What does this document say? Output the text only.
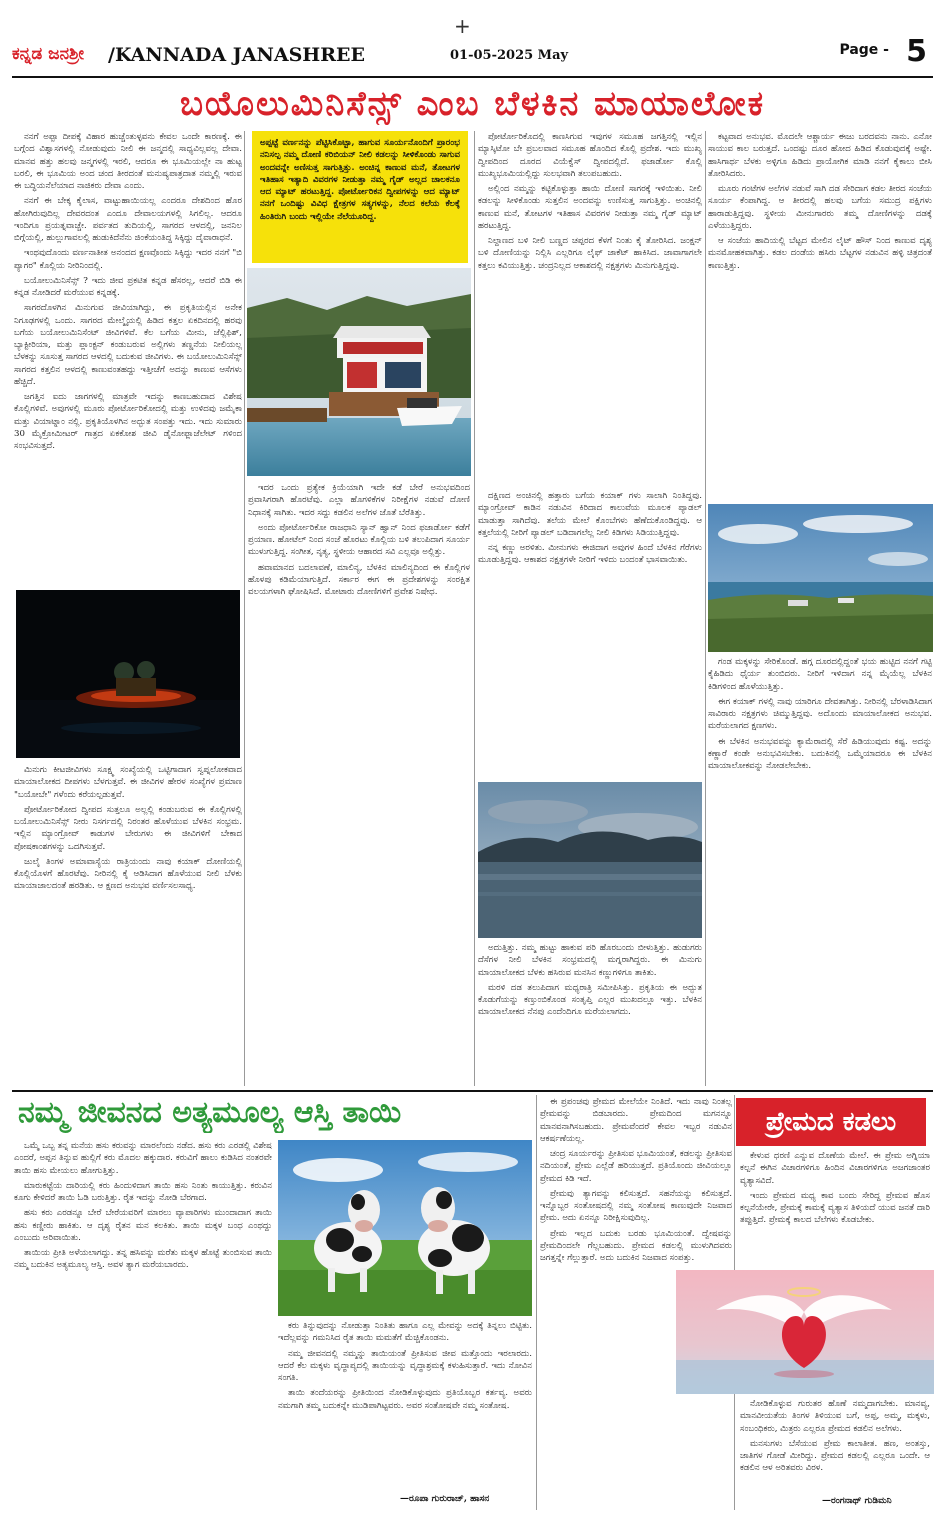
+
ಕನ್ನಡ ಜನಶ್ರೀ /KANNADA JANASHREE	01-05-2025 May	Page - 5
ಬಯೊಲುಮಿನಿಸೆನ್ಸ್ ಎಂಬ ಬೆಳಕಿನ ಮಾಯಾಲೋಕ

ನನಗೆ ಅಪ್ಪಾ ದೀಪಕ್ಕೆ ವಿಹಾರ ಹುಚ್ಚೆಂತುಳ್ಳವನು ಕೇವಲ ಒಂದೇ ಕಾರಣಕ್ಕೆ. ಈ ಬಗ್ಗೆಂದ ವಿಶ್ವಾಸಗಳಲ್ಲಿ ನೋಡುವುದು ನೀಲಿ ಈ ಜನ್ಮದಲ್ಲಿ ಸಾಧ್ಯವಿಲ್ಲವಲ್ಲ ದೇವಾ. ಮಾನವ ಹತ್ತು ಹಲವು ಜನ್ಮಗಳಲ್ಲಿ ಇರಲಿ, ಆದರೂ ಈ ಭೂಮಿಯಲ್ಲೇ ನಾ ಹುಟ್ಟ ಬರಲಿ, ಈ ಭೂಮಿಯ ಅಂದ ಚಂದ ತೀರದಂತೆ ಮನುಷ್ಯಪಾತ್ರದಾತ ನಮ್ಮಲ್ಲಿ ಇರುವ ಈ ಬದ್ಧಿಯನೆಲೆಯಾದ ನಾಜಿಕರು ದೇವಾ ಎಂದು.

ನನಗೆ ಈ ಬೇಕ್ಕ ಕೈಲಾಸ, ವಾಟ್ಟುಹಾಯಿಯಲ್ಲ ಎಂದರೂ ದೇಶದಿಂದ ಹೊರ ಹೋಗಿರುವುದಿಲ್ಲ ದೇವರದಂತ ಎಂದೂ ದೇವಾಲಯಗಳಲ್ಲಿ ಸಿಗಲಿಲ್ಲ. ಆದರೂ ಇಂದಿಗೂ ಪ್ರಯತ್ನವಾಚ್ಚೇ. ಪರ್ವತದ ತುದಿಯಲ್ಲಿ, ಸಾಗರದ ಆಳದಲ್ಲಿ, ಜನನಿಲ ಬಿಗ್ಗೆಯಲ್ಲಿ, ಹುಲ್ಲುಗಾವಲಲ್ಲಿ ಹುಡುಕಿದೆನೆನು ಜಿಂಕೆಯಂತಿದ್ದ ಸಿಕ್ಕಿದ್ದು ದೈವಾರಾಧನೆ.

ಇಂಥವುದೊಂದು ವರ್ಣನಾತೀತ ಅನಂದದ ಕ್ಷಣವೊಂದು ಸಿಕ್ಕಿದ್ದು ಇದರ ನನಗೆ "ಬಿ ಪ್ಯಾಗರ" ಕೊಲ್ಲಿಯ ನೀರಿನಿಂದಲ್ಲಿ.

ಬಯೋಲುಮಿನಿಸೆನ್ಸ್ ? ಇದು ಜೀವ ಪ್ರಕಟಿತ ಕನ್ನಡ ಹೆಸರಲ್ಲ, ಆದರೆ ಬಿಡಿ ಈ ಕನ್ನಡ ನೋಡಿದರೆ ಮರೆಯುವ ಕನ್ನಡಕ್ಕೆ.

ಸಾಗರದೊಳಗಿನ ಮಿನುಗುವ ಜೀವಿಯಾಗಿದ್ದು, ಈ ಪ್ರಕೃತಿಯಲ್ಲಿನ ಅನೇಕ ನಿಗೂಢಗಳಲ್ಲಿ ಒಂದು. ಸಾಗರದ ಮೇಲ್ಮೈಯಲ್ಲಿ ಹಿಡಿದ ಕತ್ತಲ ಏಕದಿನದಲ್ಲಿ ಹರವು ಬಗೆಯ ಬಯೋಲುಮಿನಿಸೆಂಟ್ ಜೀವಿಗಳಿವೆ. ಕೆಲ ಬಗೆಯ ಮೀನು, ಜೆಲ್ಲಿಫಿಶ್, ಬ್ಯಾಕ್ಟೀರಿಯಾ, ಮತ್ತು ಪ್ಲಾಂಕ್ಟನ್ ಕಂಡುಬರುವ ಅಲ್ಲಿಗಳು ತಣ್ಣನೆಯ ನೀಲಿಯಲ್ಲ ಬೆಳಕನ್ನು ಸೂಸುತ್ತ ಸಾಗರದ ಆಳದಲ್ಲಿ ಬದುಕುವ ಜೀವಿಗಳು. ಈ ಬಯೋಲುಮಿನಿಸೆನ್ಸ್ ಸಾಗರದ ಕತ್ತಲಿನ ಆಳದಲ್ಲಿ ಕಾಣುವಂತಹದ್ದು ಇತ್ತೀಚೆಗೆ ಅದನ್ನು ಕಾಣುವ ಆಸೆಗಳು ಹೆಚ್ಚಿದೆ.

ಜಗತ್ತಿನ ಐದು ಜಾಗಗಳಲ್ಲಿ ಮಾತ್ರವೇ ಇದನ್ನು ಕಾಣಬಹುದಾದ ವಿಶೇಷ ಕೊಲ್ಲಿಗಳಿವೆ. ಅವುಗಳಲ್ಲಿ ಮೂರು ಪೋರ್ಟೋರಿಕೋದಲ್ಲಿ ಮತ್ತು ಉಳಿದವು ಜಮೈಕಾ ಮತ್ತು ವಿಯಾಟ್ನಾಂ ನಲ್ಲಿ. ಪ್ರಕೃತಿಯೊಳಗಿನ ಅದ್ಭುತ ಸಂಪತ್ತು ಇದು. ಇದು ಸುಮಾರು 30 ಮೈಕ್ರೋಮೀಟರ್ ಗಾತ್ರದ ಏಕಕೋಶ ಜೀವಿ ಡೈನೋಫ್ಲಾಜೆಲೇಟ್ ಗಳಿಂದ ಸಂಭವಿಸುತ್ತದೆ.

ಮಿನುಗು ಕೀಟಜೀವಿಗಳು ಸೂಕ್ಷ್ಮ ಸಂಖ್ಯೆಯಲ್ಲಿ ಒಟ್ಟಿಗಾದಾಗ ಸ್ವಪ್ನಲೋಕವಾದ ಮಾಯಾಲೋಕದ ದೀಪಗಳು ಬೆಳಗುತ್ತವೆ. ಈ ಜೀವಿಗಳ ಹೇರಳ ಸಂಖ್ಯೆಗಳ ಪ್ರಮಾಣ "ಬಯೋಬೇ" ಗಳೆಂದು ಕರೆಯಲ್ಪಡುತ್ತವೆ.

ಪೋರ್ಟೋರಿಕೋದ ದ್ವೀಪದ ಸುತ್ತಲೂ ಅಲ್ಲಲ್ಲಿ ಕಂಡುಬರುವ ಈ ಕೊಲ್ಲಿಗಳಲ್ಲಿ ಬಯೋಲುಮಿನಿಸೆನ್ಸ್ ನೀರು ನಿಸರ್ಗದಲ್ಲಿ ನಿರಂತರ ಹೊಳೆಯುವ ಬೆಳಕಿನ ಸಂಭ್ರಮ. ಇಲ್ಲಿನ ಮ್ಯಾಂಗ್ರೋವ್ ಕಾಡುಗಳ ಬೇರುಗಳು ಈ ಜೀವಿಗಳಿಗೆ ಬೇಕಾದ ಪೋಷಕಾಂಶಗಳನ್ನು ಒದಗಿಸುತ್ತವೆ.

ಜುಲೈ ತಿಂಗಳ ಅಮಾವಾಸ್ಯೆಯ ರಾತ್ರಿಯಂದು ನಾವು ಕಯಾಕ್ ದೋಣಿಯಲ್ಲಿ ಕೊಲ್ಲಿಯೊಳಗೆ ಹೊರಟೆವು. ನೀರಿನಲ್ಲಿ ಕೈ ಆಡಿಸಿದಾಗ ಹೊಳೆಯುವ ನೀಲಿ ಬೆಳಕು ಮಾಯಾಜಾಲದಂತೆ ಹರಡಿತು. ಆ ಕ್ಷಣದ ಅನುಭವ ವರ್ಣಿಸಲಸಾಧ್ಯ.

ಅಪ್ಪಟ್ಟೆ ವರ್ಣನನ್ನು ಪೆಟ್ಟಿಸಿಕೊಟ್ಟಾ, ಹಾಗುವ ಸೂರ್ಯನೊಂದಿಗೆ ಪ್ರಾರಂಭ ನನಿಸಲ್ಪ ನಮ್ಮ ದೋಣಿ ಕರಿಬಿಯನ್ ನೀಲಿ ಕಡಲನ್ನು ಸೀಳಿಕೊಂಡು ಸಾಗುವ ಅಂದವನ್ನೇ ಅಣಿಸುತ್ತ ಸಾಗುತ್ತಿತ್ತು. ಅಂಚಿನ್ನ ಕಾಣುವ ಮನೆ, ತೋಟಗಳ ಇತಿಹಾಸ ಇತ್ಯಾದಿ ವಿವರಗಳ ನೀಡುತ್ತಾ ನಮ್ಮ ಗೈಡ್ ಅಲ್ಲದ ಚಾಲಕನೂ ಆದ ಮ್ಯಾಟ್ ಹರಟುತ್ತಿದ್ದ. ಪೋರ್ಟೋರಿಕನ ದ್ವೀಪಗಳನ್ನು ಆದ ಮ್ಯಾಟ್ ನನಗೆ ಒಂದಿಷ್ಟು ವಿವಿಧ ಕ್ಷೇತ್ರಗಳ ಸತ್ಯಗಳನ್ನು, ನೆಲದ ಕಲೆಯ ಕೆಲಕ್ಕೆ ಹಿಂತಿರುಗಿ ಬಂದು ಇಲ್ಲಿಯೇ ನೆಲೆಯೂರಿದ್ದ.

ಇದರ ಒಂದು ಪ್ರತ್ಯೇಕ ಕ್ರಿಯೆಯಾಗಿ ಇದೇ ಕಡೆ ಬೇರೆ ಅನುಭವದಿಂದ ಪ್ರವಾಸಿಗರಾಗಿ ಹೊರಟೆವು. ಎಲ್ಲಾ ಹೊಗಳಿಕೆಗಳ ನಿರೀಕ್ಷೆಗಳ ನಡುವೆ ದೋಣಿ ನಿಧಾನಕ್ಕೆ ಸಾಗಿತು. ಇದರ ಸದ್ದು ಕಡಲಿನ ಅಲೆಗಳ ಜೊತೆ ಬೆರೆತಿತ್ತು.

ಅಂದು ಪೋರ್ಟೋರಿಕೋ ರಾಜಧಾನಿ ಸ್ಯಾನ್ ಹ್ವಾನ್ ನಿಂದ ಫಜಾರ್ಡೋ ಕಡೆಗೆ ಪ್ರಯಾಣ. ಹೋಟೆಲ್ ನಿಂದ ಸಂಜೆ ಹೊರಟು ಕೊಲ್ಲಿಯ ಬಳಿ ತಲುಪಿದಾಗ ಸೂರ್ಯ ಮುಳುಗುತ್ತಿದ್ದ. ಸಂಗೀತ, ನೃತ್ಯ, ಸ್ಥಳೀಯ ಆಹಾರದ ಸವಿ ಎಲ್ಲವೂ ಅಲ್ಲಿತ್ತು.

ಹವಾಮಾನದ ಬದಲಾವಣೆ, ಮಾಲಿನ್ಯ, ಬೆಳಕಿನ ಮಾಲಿನ್ಯದಿಂದ ಈ ಕೊಲ್ಲಿಗಳ ಹೊಳಪು ಕಡಿಮೆಯಾಗುತ್ತಿದೆ. ಸರ್ಕಾರ ಈಗ ಈ ಪ್ರದೇಶಗಳನ್ನು ಸಂರಕ್ಷಿತ ವಲಯಗಳಾಗಿ ಘೋಷಿಸಿದೆ. ಮೋಟಾರು ದೋಣಿಗಳಿಗೆ ಪ್ರವೇಶ ನಿಷೇಧ.

ಪೋರ್ಟೋರಿಕೊದಲ್ಲಿ ಕಾಣಸಿಗುವ ಇವುಗಳ ಸಮೂಹ ಜಗತ್ತಿನಲ್ಲಿ ಇಲ್ಲಿನ ಮ್ಯಾಸ್ಕಿಟೋ ಬೇ ಪ್ರಬಲವಾದ ಸಮೂಹ ಹೊಂದಿದ ಕೊಲ್ಲಿ ಪ್ರದೇಶ. ಇದು ಮುಖ್ಯ ದ್ವೀಪದಿಂದ ದೂರದ ವಿಯೆಕ್ವೆಸ್ ದ್ವೀಪದಲ್ಲಿದೆ. ಫಜಾರ್ಡೋ ಕೊಲ್ಲಿ ಮುಖ್ಯಭೂಮಿಯಲ್ಲಿದ್ದು ಸುಲಭವಾಗಿ ತಲುಪಬಹುದು.

ಅಲ್ಲಿಂದ ನಮ್ಮನ್ನು ಕಟ್ಟಿಕೊಳ್ಳುತ್ತಾ ಹಾಯಿ ದೋಣಿ ಸಾಗರಕ್ಕೆ ಇಳಿಯಿತು. ನೀಲಿ ಕಡಲನ್ನು ಸೀಳಿಕೊಂಡು ಸುತ್ತಲಿನ ಅಂದವನ್ನು ಉಣಿಸುತ್ತ ಸಾಗುತ್ತಿತ್ತು. ಅಂಚಿನಲ್ಲಿ ಕಾಣುವ ಮನೆ, ತೋಟಗಳ ಇತಿಹಾಸ ವಿವರಗಳ ನೀಡುತ್ತಾ ನಮ್ಮ ಗೈಡ್ ಮ್ಯಾಟ್ ಹರಟುತ್ತಿದ್ದ.

ನಿಲ್ದಾಣದ ಬಳಿ ನೀಲಿ ಬಣ್ಣದ ಚಪ್ಪರದ ಕೆಳಗೆ ನಿಂತು ಕೈ ತೋರಿಸಿದ. ಜಂಕ್ಷನ್ ಬಳಿ ದೋಣಿಯನ್ನು ನಿಲ್ಲಿಸಿ ಎಲ್ಲರಿಗೂ ಲೈಫ್ ಜಾಕೆಟ್ ಹಾಕಿಸಿದ. ಜಾವಾಗಾಗಲೇ ಕತ್ತಲು ಕವಿಯುತ್ತಿತ್ತು. ಚಂದ್ರನಿಲ್ಲದ ಆಕಾಶದಲ್ಲಿ ನಕ್ಷತ್ರಗಳು ಮಿನುಗುತ್ತಿದ್ದವು.

ದಕ್ಷಿಣದ ಅಂಚಿನಲ್ಲಿ ಹತ್ತಾರು ಬಗೆಯ ಕಯಾಕ್ ಗಳು ಸಾಲಾಗಿ ನಿಂತಿದ್ದವು. ಮ್ಯಾಂಗ್ರೋವ್ ಕಾಡಿನ ನಡುವಿನ ಕಿರಿದಾದ ಕಾಲುವೆಯ ಮೂಲಕ ಪ್ಯಾಡಲ್ ಮಾಡುತ್ತಾ ಸಾಗಿದೆವು. ತಲೆಯ ಮೇಲೆ ಕೊಂಬೆಗಳು ಹೆಣೆದುಕೊಂಡಿದ್ದವು. ಆ ಕತ್ತಲೆಯಲ್ಲಿ ನೀರಿಗೆ ಪ್ಯಾಡಲ್ ಬಡಿದಾಗಲೆಲ್ಲ ನೀಲಿ ಕಿಡಿಗಳು ಸಿಡಿಯುತ್ತಿದ್ದವು.

ನನ್ನ ಕಣ್ಣು ಅರಳಿತು. ಮೀನುಗಳು ಈಜಿದಾಗ ಅವುಗಳ ಹಿಂದೆ ಬೆಳಕಿನ ಗೆರೆಗಳು ಮೂಡುತ್ತಿದ್ದವು. ಆಕಾಶದ ನಕ್ಷತ್ರಗಳೇ ನೀರಿಗೆ ಇಳಿದು ಬಂದಂತೆ ಭಾಸವಾಯಿತು.

ಅದುತ್ತಿತ್ತು. ನಮ್ಮ ಹುಟ್ಟು ಹಾಕುವ ಪರಿ ಹೊರಬಂದು ಬೀಳುತ್ತಿತ್ತು. ಹುಡುಗರು ದೆಸೆಗಳ ನೀಲಿ ಬೆಳಕಿನ ಸಂಭ್ರಮದಲ್ಲಿ ಮಗ್ನರಾಗಿದ್ದರು. ಈ ಮಿನುಗು ಮಾಯಾಲೋಕದ ಬೆಳಕು ಹಸಿರುವ ಮನಸಿನ ಕಣ್ಣುಗಳಿಗೂ ತಾಕಿತು.

ಮರಳಿ ದಡ ತಲುಪಿದಾಗ ಮಧ್ಯರಾತ್ರಿ ಸಮೀಪಿಸಿತ್ತು. ಪ್ರಕೃತಿಯ ಈ ಅದ್ಭುತ ಕೊಡುಗೆಯನ್ನು ಕಣ್ತುಂಬಿಕೊಂಡ ಸಂತೃಪ್ತಿ ಎಲ್ಲರ ಮುಖದಲ್ಲೂ ಇತ್ತು. ಬೆಳಕಿನ ಮಾಯಾಲೋಕದ ನೆನಪು ಎಂದೆಂದಿಗೂ ಮರೆಯಲಾಗದು.

ಕಟ್ಟವಾದ ಅನುಭವ. ಮೊದಲೇ ಆಶ್ಚಾರ್ಯ ಈಜು ಬರದವನು ನಾನು. ಎನೋ ಸಾಯುವ ಕಾಲ ಬರುತ್ತದೆ. ಒಂದಷ್ಟು ದೂರ ಹೋದ ಹಿಡಿದ ಕೊಡುವುದಕ್ಕೆ ಅಷ್ಟೇ. ಹಾಸಿಗಾರ್ಥ ಬೆಳಕು ಅಳ್ಳಿಗೂ ಹಿಡಿದು ಪ್ರಾಯೋಗಿಕ ಮಾಡಿ ನನಗೆ ಕೈಕಾಲು ಬೀಸಿ ತೋರಿಸಿದರು.

ಮೂರು ಗಂಟೆಗಳ ಅಲೆಗಳ ನಡುವೆ ಸಾಗಿ ದಡ ಸೇರಿದಾಗ ಕಡಲ ತೀರದ ಸಂಜೆಯ ಸೂರ್ಯ ಕೆಂಪಾಗಿದ್ದ. ಆ ತೀರದಲ್ಲಿ ಹಲವು ಬಗೆಯ ಸಮುದ್ರ ಪಕ್ಷಿಗಳು ಹಾರಾಡುತ್ತಿದ್ದವು. ಸ್ಥಳೀಯ ಮೀನುಗಾರರು ತಮ್ಮ ದೋಣಿಗಳನ್ನು ದಡಕ್ಕೆ ಎಳೆಯುತ್ತಿದ್ದರು.

ಆ ಸಂಜೆಯ ಹಾದಿಯಲ್ಲಿ ಬೆಟ್ಟದ ಮೇಲಿನ ಲೈಟ್ ಹೌಸ್ ನಿಂದ ಕಾಣುವ ದೃಶ್ಯ ಮನಮೋಹಕವಾಗಿತ್ತು. ಕಡಲ ದಂಡೆಯ ಹಸಿರು ಬೆಟ್ಟಗಳ ನಡುವಿನ ಹಳ್ಳಿ ಚಿತ್ರದಂತೆ ಕಾಣುತ್ತಿತ್ತು.

ಗಂಡ ಮಕ್ಕಳನ್ನು ಸೇರಿಕೊಂಡೆ. ಹಗ್ಗ ದೂರದಲ್ಲಿದ್ದಂತೆ ಭಯ ಹುಟ್ಟಿದ ನನಗೆ ಗಟ್ಟಿ ಕೈಹಿಡಿದು ಧೈರ್ಯ ತುಂಬಿದರು. ನೀರಿಗೆ ಇಳಿದಾಗ ನನ್ನ ಮೈಯೆಲ್ಲ ಬೆಳಕಿನ ಕಿಡಿಗಳಿಂದ ಹೊಳೆಯುತ್ತಿತ್ತು.

ಈಗ ಕಯಾಕ್ ಗಳಲ್ಲಿ ನಾವು ಯಾರಿಗೂ ದೇವತಾಗಿತ್ತು. ನೀರಿನಲ್ಲಿ ಬೆರಳಾಡಿಸಿದಾಗ ಸಾವಿರಾರು ನಕ್ಷತ್ರಗಳು ಚಿಮ್ಮುತ್ತಿದ್ದವು. ಅದೊಂದು ಮಾಯಾಲೋಕದ ಅನುಭವ. ಮರೆಯಲಾಗದ ಕ್ಷಣಗಳು.

ಈ ಬೆಳಕಿನ ಅನುಭವವನ್ನು ಕ್ಯಾಮೆರಾದಲ್ಲಿ ಸೆರೆ ಹಿಡಿಯುವುದು ಕಷ್ಟ. ಅದನ್ನು ಕಣ್ಣಾರೆ ಕಂಡೇ ಅನುಭವಿಸಬೇಕು. ಬದುಕಿನಲ್ಲಿ ಒಮ್ಮೆಯಾದರೂ ಈ ಬೆಳಕಿನ ಮಾಯಾಲೋಕವನ್ನು ನೋಡಲೇಬೇಕು.

ನಮ್ಮ ಜೀವನದ ಅತ್ಯಮೂಲ್ಯ ಆಸ್ತಿ ತಾಯಿ

ಒಮ್ಮೆ ಒಬ್ಬ ತನ್ನ ಮನೆಯ ಹಸು ಕರುವನ್ನು ಮಾರಲೆಂದು ನಡೆದ. ಹಸು ಕರು ಎರಡಲ್ಲಿ ವಿಶೇಷ ಎಂದರೆ, ಅಪ್ಪನ ತಿನ್ನುವ ಹುಲ್ಲಿಗೆ ಕರು ಮೊದಲ ಹಕ್ಕುದಾರ. ಕರುವಿಗೆ ಹಾಲು ಕುಡಿಸಿದ ನಂತರವೇ ತಾಯಿ ಹಸು ಮೇಯಲು ಹೋಗುತ್ತಿತ್ತು.

ಮಾರುಕಟ್ಟೆಯ ದಾರಿಯಲ್ಲಿ ಕರು ಹಿಂದುಳಿದಾಗ ತಾಯಿ ಹಸು ನಿಂತು ಕಾಯುತ್ತಿತ್ತು. ಕರುವಿನ ಕೂಗು ಕೇಳಿದರೆ ತಾಯಿ ಓಡಿ ಬರುತ್ತಿತ್ತು. ರೈತ ಇದನ್ನು ನೋಡಿ ಬೆರಗಾದ.

ಹಸು ಕರು ಎರಡನ್ನೂ ಬೇರೆ ಬೇರೆಯವರಿಗೆ ಮಾರಲು ವ್ಯಾಪಾರಿಗಳು ಮುಂದಾದಾಗ ತಾಯಿ ಹಸು ಕಣ್ಣೀರು ಹಾಕಿತು. ಆ ದೃಶ್ಯ ರೈತನ ಮನ ಕಲಕಿತು. ತಾಯಿ ಮಕ್ಕಳ ಬಂಧ ಎಂಥದ್ದು ಎಂಬುದು ಅರಿವಾಯಿತು.

ತಾಯಿಯ ಪ್ರೀತಿ ಅಳೆಯಲಾಗದ್ದು. ತನ್ನ ಹಸಿವನ್ನು ಮರೆತು ಮಕ್ಕಳ ಹೊಟ್ಟೆ ತುಂಬಿಸುವ ತಾಯಿ ನಮ್ಮ ಬದುಕಿನ ಅತ್ಯಮೂಲ್ಯ ಆಸ್ತಿ. ಅವಳ ತ್ಯಾಗ ಮರೆಯಬಾರದು.

ಕರು ತಿನ್ನುವುದನ್ನು ನೋಡುತ್ತಾ ನಿಂತಿತು ಹಾಗೂ ಎಲ್ಲ ಮೇವನ್ನು ಅದಕ್ಕೆ ತಿನ್ನಲು ಬಿಟ್ಟಿತು. ಇದೆಲ್ಲವನ್ನು ಗಮನಿಸಿದ ರೈತ ತಾಯಿ ಮಮತೆಗೆ ಮೆಚ್ಚಿಕೊಂಡನು.

ನಮ್ಮ ಜೀವನದಲ್ಲಿ ನಮ್ಮನ್ನು ತಾಯಿಯಂತೆ ಪ್ರೀತಿಸುವ ಜೀವ ಮತ್ತೊಂದು ಇರಲಾರದು. ಆದರೆ ಕೆಲ ಮಕ್ಕಳು ವೃದ್ಧಾಪ್ಯದಲ್ಲಿ ತಾಯಿಯನ್ನು ವೃದ್ಧಾಶ್ರಮಕ್ಕೆ ಕಳುಹಿಸುತ್ತಾರೆ. ಇದು ನೋವಿನ ಸಂಗತಿ.

ತಾಯಿ ತಂದೆಯರನ್ನು ಪ್ರೀತಿಯಿಂದ ನೋಡಿಕೊಳ್ಳುವುದು ಪ್ರತಿಯೊಬ್ಬರ ಕರ್ತವ್ಯ. ಅವರು ನಮಗಾಗಿ ತಮ್ಮ ಬದುಕನ್ನೇ ಮುಡಿಪಾಗಿಟ್ಟವರು. ಅವರ ಸಂತೋಷವೇ ನಮ್ಮ ಸಂತೋಷ.

—ರೂಪಾ ಗುರುರಾಜ್, ಹಾಸನ

ಈ ಪ್ರಪಂಚವು ಪ್ರೇಮದ ಮೇಲೆಯೇ ನಿಂತಿದೆ. ಇದು ನಾವು ನಿಂತಲ್ಲ ಪ್ರೇಮವನ್ನು ಬಿಡಬಾರದು. ಪ್ರೇಮದಿಂದ ಮಗನನ್ನೂ ಮಾನವನಾಗಿಸಬಹುದು. ಪ್ರೇಮವೆಂದರೆ ಕೇವಲ ಇಬ್ಬರ ನಡುವಿನ ಆಕರ್ಷಣೆಯಲ್ಲ.

ಚಂದ್ರ ಸೂರ್ಯರನ್ನು ಪ್ರೀತಿಸುವ ಭೂಮಿಯಂತೆ, ಕಡಲನ್ನು ಪ್ರೀತಿಸುವ ನದಿಯಂತೆ, ಪ್ರೇಮ ಎಲ್ಲೆಡೆ ಹರಿಯುತ್ತದೆ. ಪ್ರತಿಯೊಂದು ಜೀವಿಯಲ್ಲೂ ಪ್ರೇಮದ ಕಿಡಿ ಇದೆ.

ಪ್ರೇಮವು ತ್ಯಾಗವನ್ನು ಕಲಿಸುತ್ತದೆ. ಸಹನೆಯನ್ನು ಕಲಿಸುತ್ತದೆ. ಇನ್ನೊಬ್ಬರ ಸಂತೋಷದಲ್ಲಿ ನಮ್ಮ ಸಂತೋಷ ಕಾಣುವುದೇ ನಿಜವಾದ ಪ್ರೇಮ. ಅದು ಏನನ್ನೂ ನಿರೀಕ್ಷಿಸುವುದಿಲ್ಲ.

ಪ್ರೇಮ ಇಲ್ಲದ ಬದುಕು ಬರಡು ಭೂಮಿಯಂತೆ. ದ್ವೇಷವನ್ನು ಪ್ರೇಮದಿಂದಲೇ ಗೆಲ್ಲಬಹುದು. ಪ್ರೇಮದ ಕಡಲಲ್ಲಿ ಮುಳುಗಿದವರು ಜಗತ್ತನ್ನೇ ಗೆಲ್ಲುತ್ತಾರೆ. ಅದು ಬದುಕಿನ ನಿಜವಾದ ಸಂಪತ್ತು.

ಪ್ರೇಮದ ಕಡಲು

ಕೇಳುವ ಧರಣಿ ಎನ್ನುವ ದೊಣೆಯ ಮೇಲೆ. ಈ ಪ್ರೇಮ ಅಗ್ನಿಯಾ ಕಲ್ಪನೆ ಈಗಿನ ವಿಚಾರಗಳಿಗೂ ಹಿಂದಿನ ವಿಚಾರಗಳಿಗೂ ಅಜಗಜಾಂತರ ವ್ಯತ್ಯಾಸವಿದೆ.

ಇಂದು ಪ್ರೇಮದ ಮಧ್ಯ ಕಾವ ಬಂದು ಸೇರಿದ್ದ ಪ್ರೇಮವ ಹೊಸ ಕಲ್ಪನೆಯೇರೇ, ಪ್ರೇಮಕ್ಕೆ ಕಾಮಕ್ಕೆ ವ್ಯತ್ಯಾಸ ತಿಳಿಯದೆ ಯುವ ಜನತೆ ದಾರಿ ತಪ್ಪುತ್ತಿದೆ. ಪ್ರೇಮಕ್ಕೆ ಕಾಲದ ಬೆಲೆಗಳು ಕೊಡಬೇಕು.

ನೋಡಿಕೊಳ್ಳುವ ಗುರುತರ ಹೊಣೆ ನಮ್ಮದಾಗಬೇಕು. ಮಾನವ್ಯ, ಮಾನವೀಯತೆಯ ತಿಂಗಳ ತಿಳಿಯುವ ಬಗೆ, ಅಪ್ಪ, ಅಮ್ಮ, ಮಕ್ಕಳು, ಸಂಬಂಧಿಕರು, ಮಿತ್ರರು ಎಲ್ಲರೂ ಪ್ರೇಮದ ಕಡಲಿನ ಅಲೆಗಳು.

ಮನಸುಗಳು ಬೆಸೆಯುವ ಪ್ರೇಮ ಕಾಲಾತೀತ. ಹಣ, ಅಂತಸ್ತು, ಜಾತಿಗಳ ಗೋಡೆ ಮೀರಿದ್ದು. ಪ್ರೇಮದ ಕಡಲಲ್ಲಿ ಎಲ್ಲರೂ ಒಂದೇ. ಆ ಕಡಲಿನ ಆಳ ಅರಿತವರು ವಿರಳ.

—ರಂಗನಾಥ್ ಗುಡಿಮನಿ
